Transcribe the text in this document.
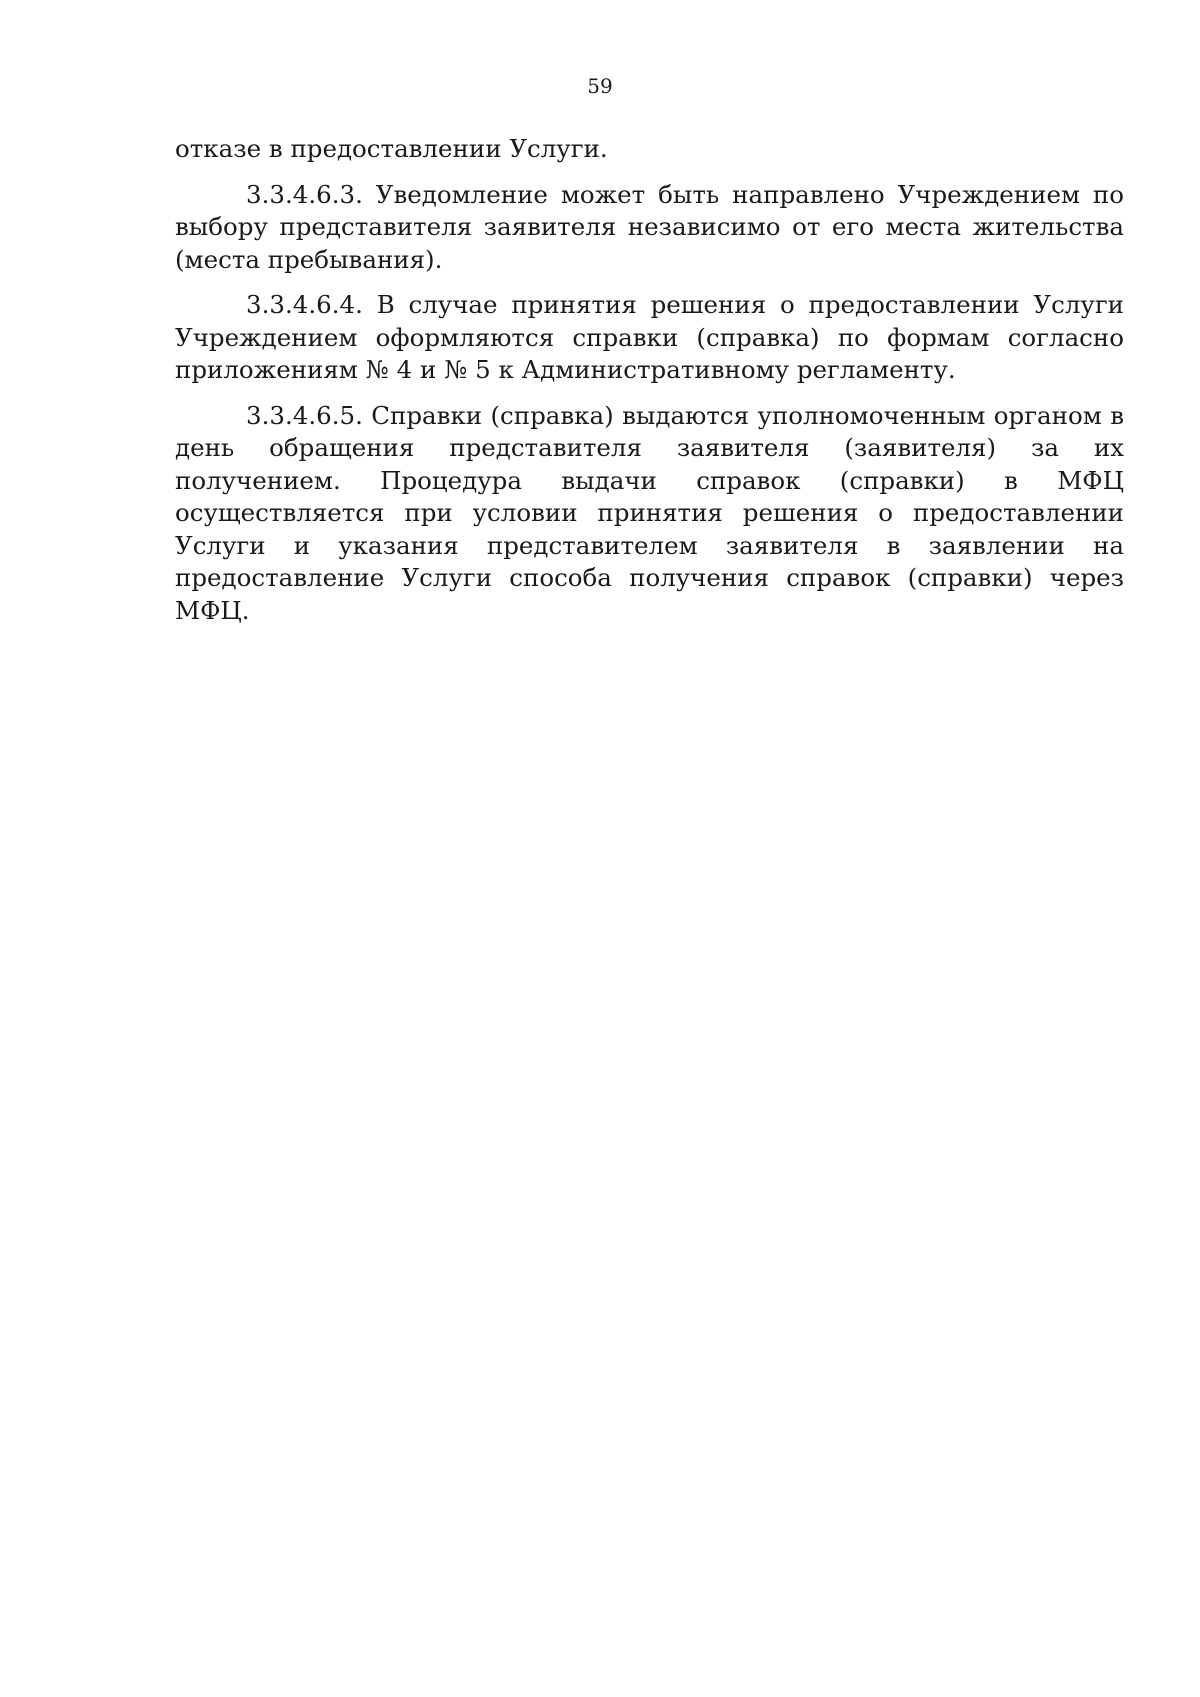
59

отказе в предоставлении Услуги.

3.3.4.6.3. Уведомление может быть направлено Учреждением по выбору представителя заявителя независимо от его места жительства (места пребывания).

3.3.4.6.4. В случае принятия решения о предоставлении Услуги Учреждением оформляются справки (справка) по формам согласно приложениям № 4 и № 5 к Административному регламенту.

3.3.4.6.5. Справки (справка) выдаются уполномоченным органом в день обращения представителя заявителя (заявителя) за их получением. Процедура выдачи справок (справки) в МФЦ осуществляется при условии принятия решения о предоставлении Услуги и указания представителем заявителя в заявлении на предоставление Услуги способа получения справок (справки) через МФЦ.
